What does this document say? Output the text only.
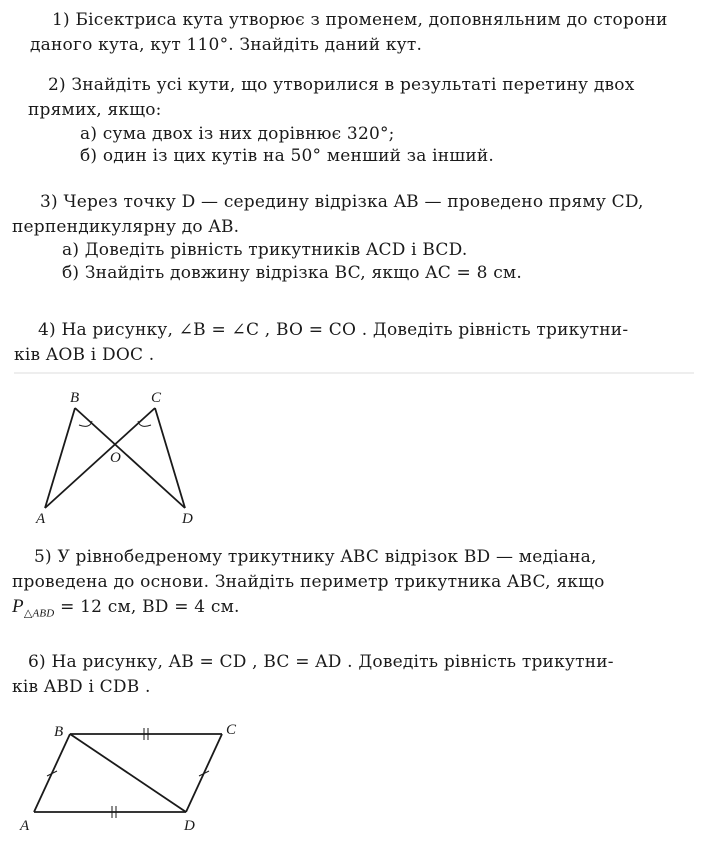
1) Бісектриса кута утворює з променем, доповняльним до сторони
даного кута, кут 110°. Знайдіть даний кут.
2) Знайдіть усі кути, що утворилися в результаті перетину двох
прямих, якщо:
а) сума двох із них дорівнює 320°;
б) один із цих кутів на 50° менший за інший.
3) Через точку D — середину відрізка AB — проведено пряму CD,
перпендикулярну до AB.
а) Доведіть рівність трикутників ACD і BCD.
б) Знайдіть довжину відрізка BC, якщо AC = 8 см.
4) На рисунку, ∠B = ∠C , BO = CO . Доведіть рівність трикутни-
ків AOB і DOC .
B	C
O
A	D
5) У рівнобедреному трикутнику ABC відрізок BD — медіана,
проведена до основи. Знайдіть периметр трикутника ABC, якщо
$P_{\triangle ABD} = 12$ см, BD = 4 см.
6) На рисунку, AB = CD , BC = AD . Доведіть рівність трикутни-
ків ABD і CDB .
B	C
A	D
